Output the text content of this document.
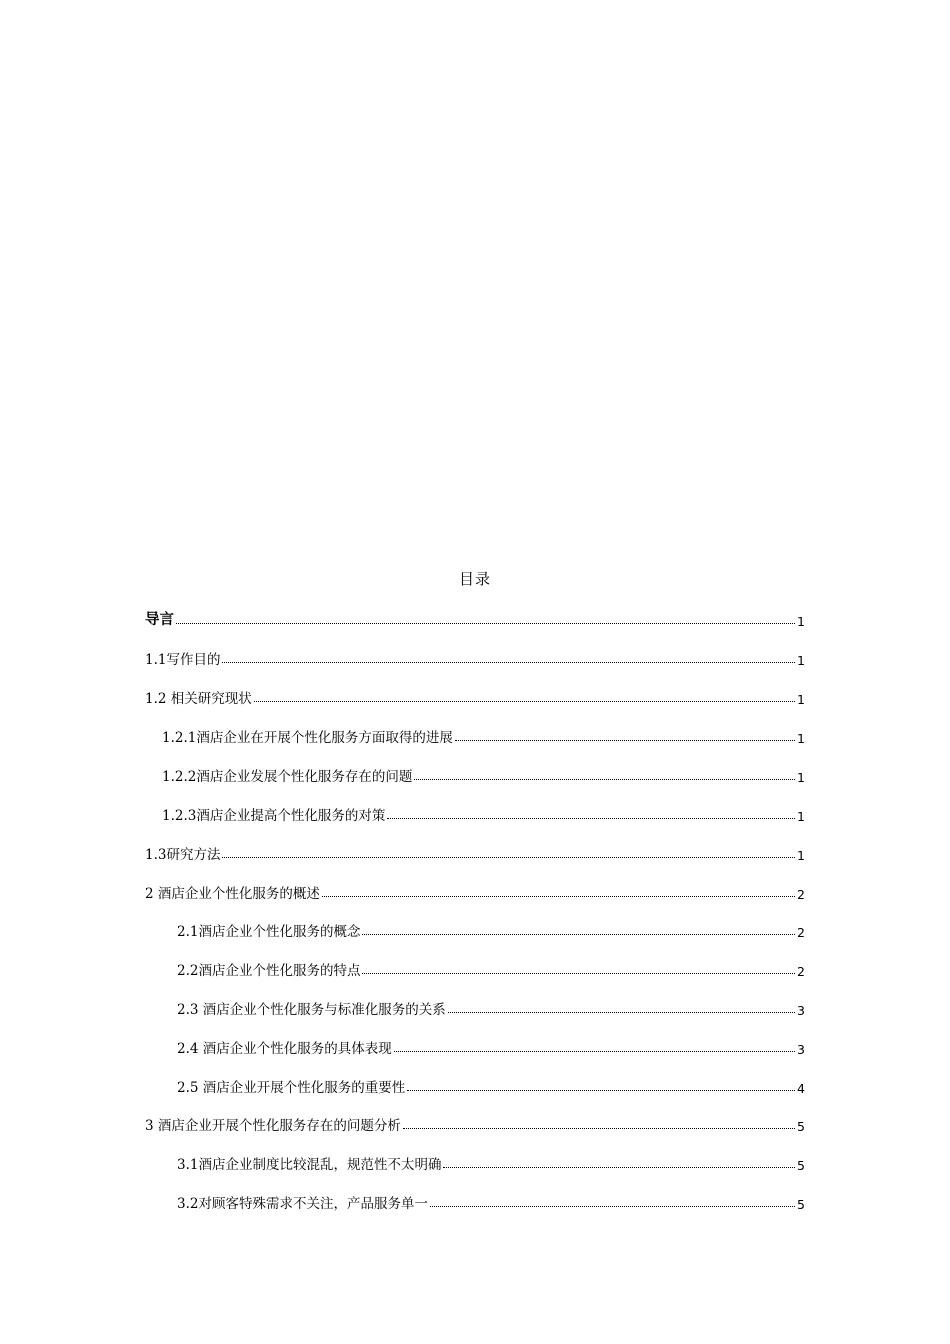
目录
导言	1
1.1写作目的	1
1.2 相关研究现状	1
1.2.1酒店企业在开展个性化服务方面取得的进展	1
1.2.2酒店企业发展个性化服务存在的问题	1
1.2.3酒店企业提高个性化服务的对策	1
1.3研究方法	1
2 酒店企业个性化服务的概述	2
2.1酒店企业个性化服务的概念	2
2.2酒店企业个性化服务的特点	2
2.3 酒店企业个性化服务与标准化服务的关系	3
2.4 酒店企业个性化服务的具体表现	3
2.5 酒店企业开展个性化服务的重要性	4
3 酒店企业开展个性化服务存在的问题分析	5
3.1酒店企业制度比较混乱，规范性不太明确	5
3.2对顾客特殊需求不关注，产品服务单一	5
